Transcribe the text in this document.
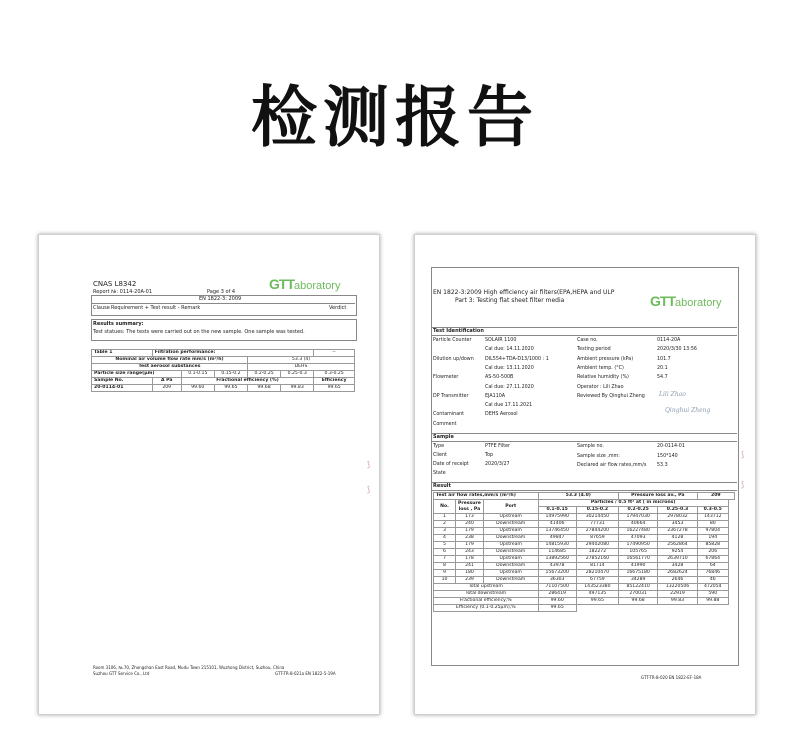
检测报告
CNAS L8342
Report №: 0114-20A-01	Page 3 of 4 GTTaboratory
EN 1822-3: 2009
Clause Requirement + Test result - Remark	Verdict
Results summary:
Test statues: The tests were carried out on the new sample. One sample was tested.
Table 1	Filtration performance:					--
Nominal air volume flow rate mm/s (m³/h)				53.3 (4)		
Test aerosol substances				DEHS		
Particle size range(μm)		0.1-0.15	0.15-0.2	0.2-0.25	0.25-0.3	0.3-0.25
Sample No.	Δ Pa	Fractional efficiency (%)				Efficiency
20-0114-01	209	99.60	99.65	99.68	99.83	99.65
⟆
⟆
Room 3106, №.70, Zhongshan East Road, Mudu Town 215101, Wuzhong District, Suzhou, China
Suzhou GTT Service Co., Ltd	GTT-TR-8-021a EN 1822-5-19A
EN 1822-3:2009 High efficiency air filters(EPA,HEPA and ULP
Part 3: Testing flat sheet filter media	GTTaboratory
Test Identification
Particle Counter	SOLAIR 1100
Cal due: 14.11.2020
Dilution up/down DIL554+TDA-D13/1000 : 1
Cal due: 13.11.2020
Flowmeter	AS-50-500B
Cal due: 27.11.2020
DP Transmitter	EJA110A
Cal due 17.11.2021
Contaminant	DEHS Aerosol
Comment
Case no.	0114-20A
Testing period	2020/3/30 13:56
Ambient pressure (kPa)	101.7
Ambient temp. (°C)	20.1
Relative humidity (%)	54.7
Operator : Lili Zhao
Reviewed By Qinghui Zheng Lili Zhao
Qinghui Zheng
Sample
Type	PTFE Filter
Client	Top
Date of receipt	2020/3/27
State
Sample no.	20-0114-01
Sample size ,mm:	150*140
Declared air flow rates,mm/s 53.3
Result
Test air flow rates,mm/s (m³/h)			53.3 (4.0)		Pressure loss av., Pa		209	
No.	Pressure loss , Pa	Port	Particles / 0.5 ft³ at ( in microns)					
			0.1-0.15	0.15-0.2	0.2-0.25	0.25-0.3	0.3-0.5	
1	173	Upstream	14975990	30214450	17947030	2978032	143712	
2	240	Downstream	41406	77731	40664	3453	80	
3	179	Upstream	13746450	27844200	16227480	2367278	97804	
4	238	Downstream	49847	87659	47093	4128	194	
5	179	Upstream	14815930	29402080	17490950	2562864	85828	
6	243	Downstream	114685	182272	105765	9254	206	
7	178	Upstream	13892560	27852160	16561770	2639710	67864	
8	241	Downstream	43978	81714	41990	3428	64	
9	180	Upstream	15673200	28210470	16675180	2682624	76846	
10	239	Downstream	36303	67759	34289	2646	46	
Total upstream			71107500	143523380	85122410	13220506	472054	
Total downstream			286419	497135	270031	22919	590	
Fractional efficiency,%			99.60	99.65	99.68	99.83	99.88	
Efficiency (0.1-0.25μm),%			99.65					
⟆
⟆
GTT-TR-8-020 EN 1822-EF-18A
